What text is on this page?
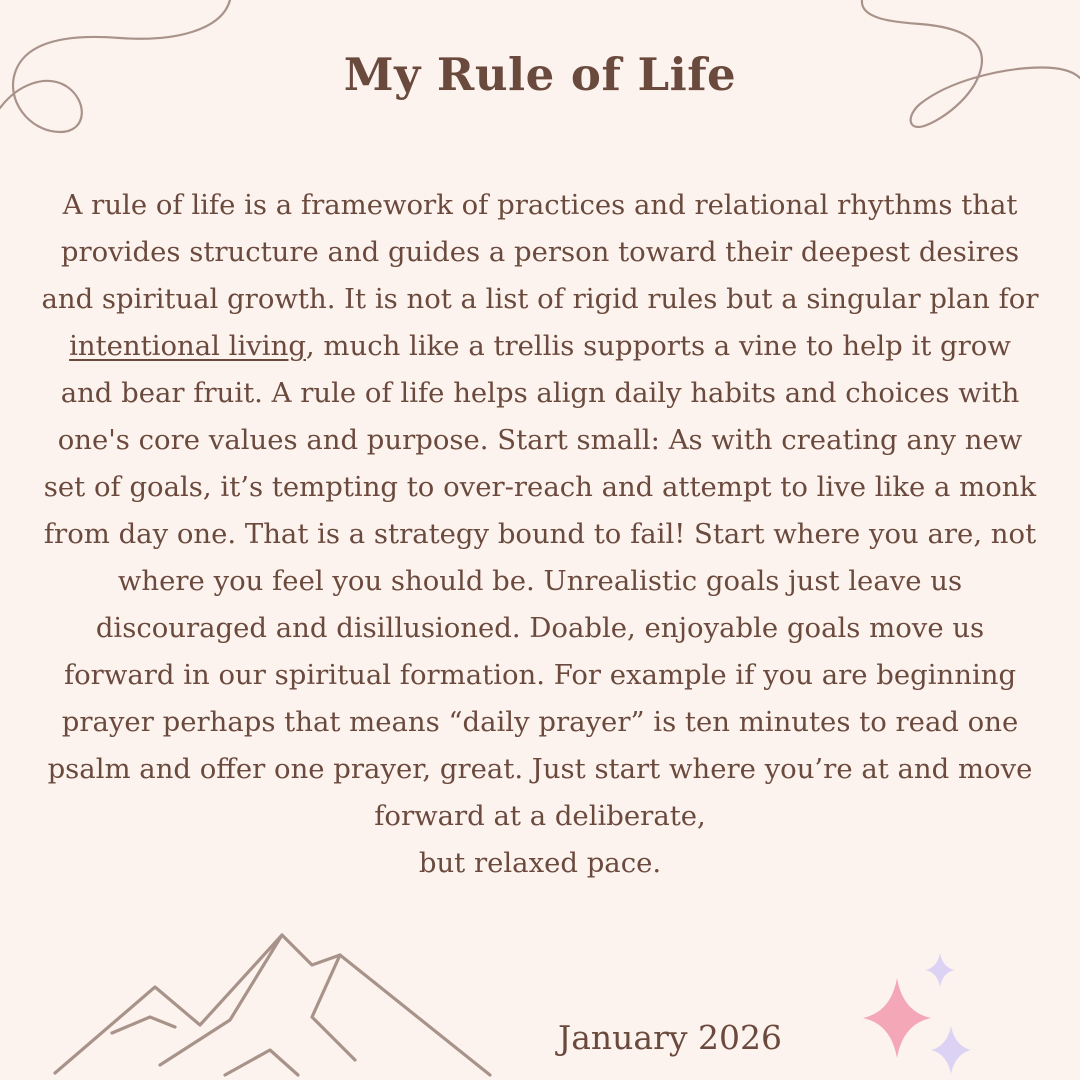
My Rule of Life
A rule of life is a framework of practices and relational rhythms that provides structure and guides a person toward their deepest desires and spiritual growth. It is not a list of rigid rules but a singular plan for intentional living, much like a trellis supports a vine to help it grow and bear fruit. A rule of life helps align daily habits and choices with one's core values and purpose. Start small: As with creating any new set of goals, it’s tempting to over-reach and attempt to live like a monk from day one. That is a strategy bound to fail! Start where you are, not where you feel you should be. Unrealistic goals just leave us discouraged and disillusioned. Doable, enjoyable goals move us forward in our spiritual formation. For example if you are beginning prayer perhaps that means “daily prayer” is ten minutes to read one psalm and offer one prayer, great. Just start where you’re at and move forward at a deliberate,
but relaxed pace.
January 2026
